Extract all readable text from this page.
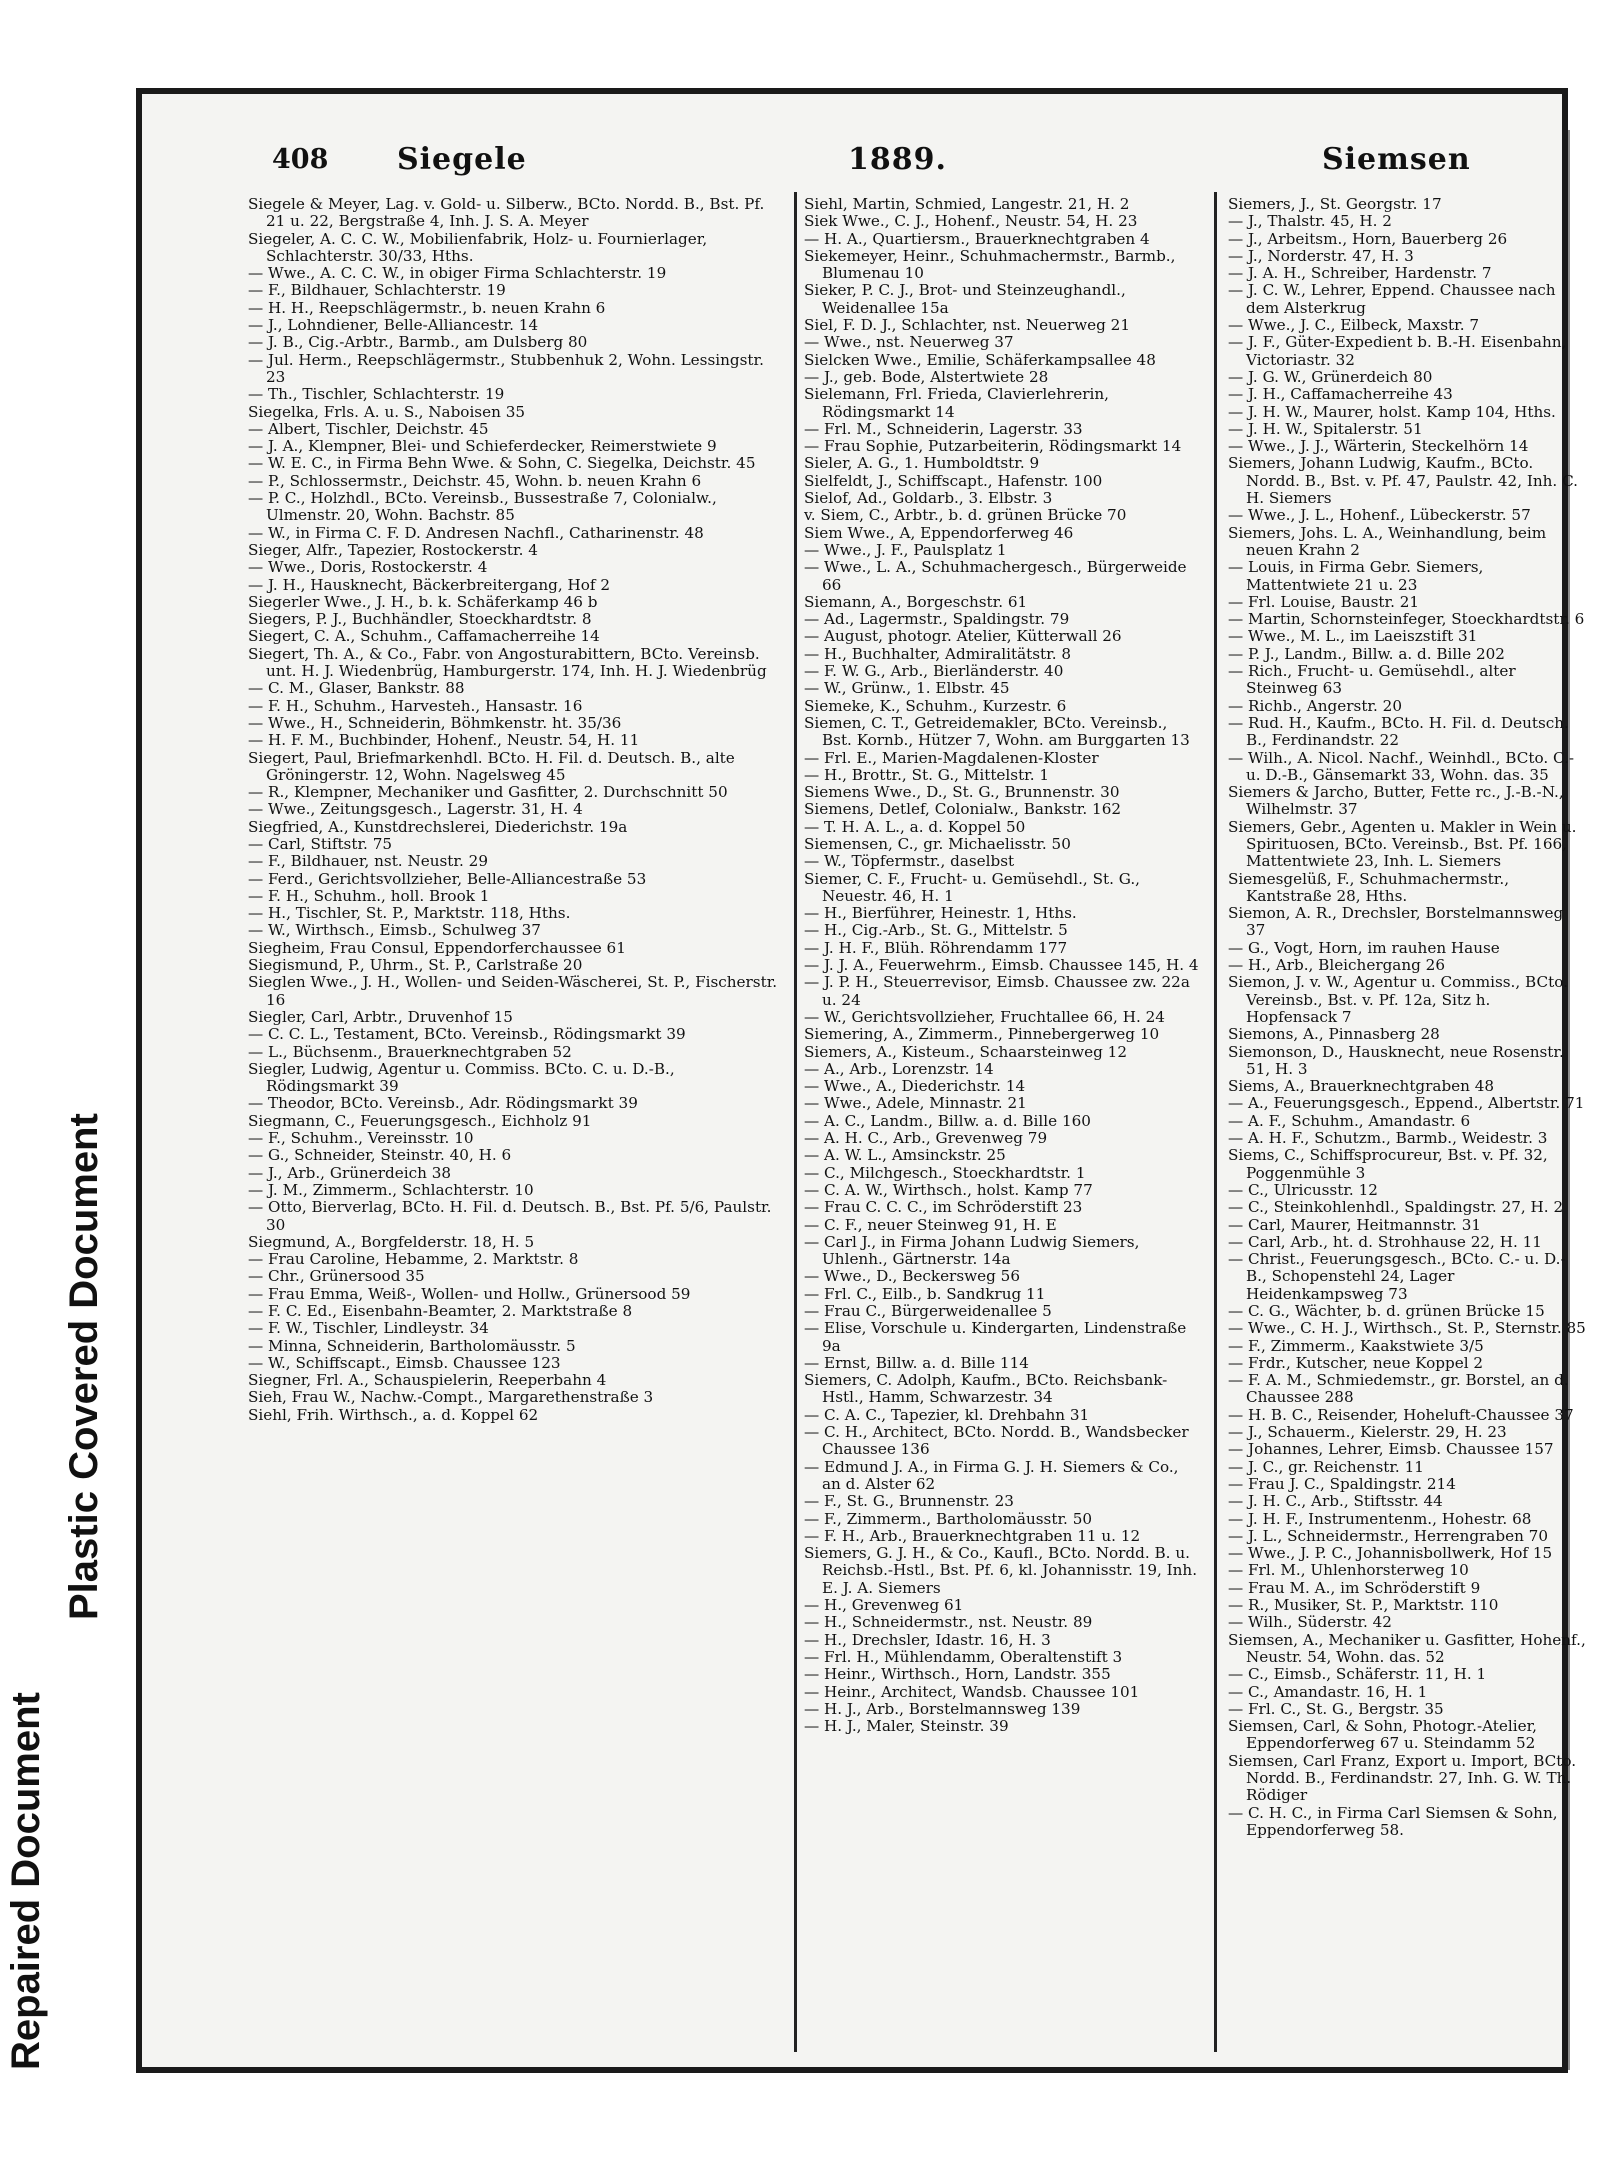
408 Siegele	1889.	Siemsen
Siegele & Meyer, Lag. v. Gold- u. Silberw., BCto. Nordd. B., Bst. Pf. 21 u. 22, Bergstraße 4, Inh. J. S. A. Meyer
Siegeler, A. C. C. W., Mobilienfabrik, Holz- u. Fournierlager, Schlachterstr. 30/33, Hths.
— Wwe., A. C. C. W., in obiger Firma Schlachterstr. 19
— F., Bildhauer, Schlachterstr. 19
— H. H., Reepschlägermstr., b. neuen Krahn 6
— J., Lohndiener, Belle-Alliancestr. 14
— J. B., Cig.-Arbtr., Barmb., am Dulsberg 80
— Jul. Herm., Reepschlägermstr., Stubbenhuk 2, Wohn. Lessingstr. 23
— Th., Tischler, Schlachterstr. 19
Siegelka, Frls. A. u. S., Naboisen 35
— Albert, Tischler, Deichstr. 45
— J. A., Klempner, Blei- und Schieferdecker, Reimerstwiete 9
— W. E. C., in Firma Behn Wwe. & Sohn, C. Siegelka, Deichstr. 45
— P., Schlossermstr., Deichstr. 45, Wohn. b. neuen Krahn 6
— P. C., Holzhdl., BCto. Vereinsb., Bussestraße 7, Colonialw., Ulmenstr. 20, Wohn. Bachstr. 85
— W., in Firma C. F. D. Andresen Nachfl., Catharinenstr. 48
Sieger, Alfr., Tapezier, Rostockerstr. 4
— Wwe., Doris, Rostockerstr. 4
— J. H., Hausknecht, Bäckerbreitergang, Hof 2
Siegerler Wwe., J. H., b. k. Schäferkamp 46 b
Siegers, P. J., Buchhändler, Stoeckhardtstr. 8
Siegert, C. A., Schuhm., Caffamacherreihe 14
Siegert, Th. A., & Co., Fabr. von Angosturabittern, BCto. Vereinsb. unt. H. J. Wiedenbrüg, Hamburgerstr. 174, Inh. H. J. Wiedenbrüg
— C. M., Glaser, Bankstr. 88
— F. H., Schuhm., Harvesteh., Hansastr. 16
— Wwe., H., Schneiderin, Böhmkenstr. ht. 35/36
— H. F. M., Buchbinder, Hohenf., Neustr. 54, H. 11
Siegert, Paul, Briefmarkenhdl. BCto. H. Fil. d. Deutsch. B., alte Gröningerstr. 12, Wohn. Nagelsweg 45
— R., Klempner, Mechaniker und Gasfitter, 2. Durchschnitt 50
— Wwe., Zeitungsgesch., Lagerstr. 31, H. 4
Siegfried, A., Kunstdrechslerei, Diederichstr. 19a
— Carl, Stiftstr. 75
— F., Bildhauer, nst. Neustr. 29
— Ferd., Gerichtsvollzieher, Belle-Alliancestraße 53
— F. H., Schuhm., holl. Brook 1
— H., Tischler, St. P., Marktstr. 118, Hths.
— W., Wirthsch., Eimsb., Schulweg 37
Siegheim, Frau Consul, Eppendorferchaussee 61
Siegismund, P., Uhrm., St. P., Carlstraße 20
Sieglen Wwe., J. H., Wollen- und Seiden-Wäscherei, St. P., Fischerstr. 16
Siegler, Carl, Arbtr., Druvenhof 15
— C. C. L., Testament, BCto. Vereinsb., Rödingsmarkt 39
— L., Büchsenm., Brauerknechtgraben 52
Siegler, Ludwig, Agentur u. Commiss. BCto. C. u. D.-B., Rödingsmarkt 39
— Theodor, BCto. Vereinsb., Adr. Rödingsmarkt 39
Siegmann, C., Feuerungsgesch., Eichholz 91
— F., Schuhm., Vereinsstr. 10
— G., Schneider, Steinstr. 40, H. 6
— J., Arb., Grünerdeich 38
— J. M., Zimmerm., Schlachterstr. 10
— Otto, Bierverlag, BCto. H. Fil. d. Deutsch. B., Bst. Pf. 5/6, Paulstr. 30
Siegmund, A., Borgfelderstr. 18, H. 5
— Frau Caroline, Hebamme, 2. Marktstr. 8
— Chr., Grünersood 35
— Frau Emma, Weiß-, Wollen- und Hollw., Grünersood 59
— F. C. Ed., Eisenbahn-Beamter, 2. Marktstraße 8
— F. W., Tischler, Lindleystr. 34
— Minna, Schneiderin, Bartholomäusstr. 5
— W., Schiffscapt., Eimsb. Chaussee 123
Siegner, Frl. A., Schauspielerin, Reeperbahn 4
Sieh, Frau W., Nachw.-Compt., Margarethenstraße 3
Siehl, Frih. Wirthsch., a. d. Koppel 62
Siehl, Martin, Schmied, Langestr. 21, H. 2
Siek Wwe., C. J., Hohenf., Neustr. 54, H. 23
— H. A., Quartiersm., Brauerknechtgraben 4
Siekemeyer, Heinr., Schuhmachermstr., Barmb., Blumenau 10
Sieker, P. C. J., Brot- und Steinzeughandl., Weidenallee 15a
Siel, F. D. J., Schlachter, nst. Neuerweg 21
— Wwe., nst. Neuerweg 37
Sielcken Wwe., Emilie, Schäferkampsallee 48
— J., geb. Bode, Alstertwiete 28
Sielemann, Frl. Frieda, Clavierlehrerin, Rödingsmarkt 14
— Frl. M., Schneiderin, Lagerstr. 33
— Frau Sophie, Putzarbeiterin, Rödingsmarkt 14
Sieler, A. G., 1. Humboldtstr. 9
Sielfeldt, J., Schiffscapt., Hafenstr. 100
Sielof, Ad., Goldarb., 3. Elbstr. 3
v. Siem, C., Arbtr., b. d. grünen Brücke 70
Siem Wwe., A, Eppendorferweg 46
— Wwe., J. F., Paulsplatz 1
— Wwe., L. A., Schuhmachergesch., Bürgerweide 66
Siemann, A., Borgeschstr. 61
— Ad., Lagermstr., Spaldingstr. 79
— August, photogr. Atelier, Kütterwall 26
— H., Buchhalter, Admiralitätstr. 8
— F. W. G., Arb., Bierländerstr. 40
— W., Grünw., 1. Elbstr. 45
Siemeke, K., Schuhm., Kurzestr. 6
Siemen, C. T., Getreidemakler, BCto. Vereinsb., Bst. Kornb., Hützer 7, Wohn. am Burggarten 13
— Frl. E., Marien-Magdalenen-Kloster
— H., Brottr., St. G., Mittelstr. 1
Siemens Wwe., D., St. G., Brunnenstr. 30
Siemens, Detlef, Colonialw., Bankstr. 162
— T. H. A. L., a. d. Koppel 50
Siemensen, C., gr. Michaelisstr. 50
— W., Töpfermstr., daselbst
Siemer, C. F., Frucht- u. Gemüsehdl., St. G., Neuestr. 46, H. 1
— H., Bierführer, Heinestr. 1, Hths.
— H., Cig.-Arb., St. G., Mittelstr. 5
— J. H. F., Blüh. Röhrendamm 177
— J. J. A., Feuerwehrm., Eimsb. Chaussee 145, H. 4
— J. P. H., Steuerrevisor, Eimsb. Chaussee zw. 22a u. 24
— W., Gerichtsvollzieher, Fruchtallee 66, H. 24
Siemering, A., Zimmerm., Pinnebergerweg 10
Siemers, A., Kisteum., Schaarsteinweg 12
— A., Arb., Lorenzstr. 14
— Wwe., A., Diederichstr. 14
— Wwe., Adele, Minnastr. 21
— A. C., Landm., Billw. a. d. Bille 160
— A. H. C., Arb., Grevenweg 79
— A. W. L., Amsinckstr. 25
— C., Milchgesch., Stoeckhardtstr. 1
— C. A. W., Wirthsch., holst. Kamp 77
— Frau C. C. C., im Schröderstift 23
— C. F., neuer Steinweg 91, H. E
— Carl J., in Firma Johann Ludwig Siemers, Uhlenh., Gärtnerstr. 14a
— Wwe., D., Beckersweg 56
— Frl. C., Eilb., b. Sandkrug 11
— Frau C., Bürgerweidenallee 5
— Elise, Vorschule u. Kindergarten, Lindenstraße 9a
— Ernst, Billw. a. d. Bille 114
Siemers, C. Adolph, Kaufm., BCto. Reichsbank-Hstl., Hamm, Schwarzestr. 34
— C. A. C., Tapezier, kl. Drehbahn 31
— C. H., Architect, BCto. Nordd. B., Wandsbecker Chaussee 136
— Edmund J. A., in Firma G. J. H. Siemers & Co., an d. Alster 62
— F., St. G., Brunnenstr. 23
— F., Zimmerm., Bartholomäusstr. 50
— F. H., Arb., Brauerknechtgraben 11 u. 12
Siemers, G. J. H., & Co., Kaufl., BCto. Nordd. B. u. Reichsb.-Hstl., Bst. Pf. 6, kl. Johannisstr. 19, Inh. E. J. A. Siemers
— H., Grevenweg 61
— H., Schneidermstr., nst. Neustr. 89
— H., Drechsler, Idastr. 16, H. 3
— Frl. H., Mühlendamm, Oberaltenstift 3
— Heinr., Wirthsch., Horn, Landstr. 355
— Heinr., Architect, Wandsb. Chaussee 101
— H. J., Arb., Borstelmannsweg 139
— H. J., Maler, Steinstr. 39
Siemers, J., St. Georgstr. 17
— J., Thalstr. 45, H. 2
— J., Arbeitsm., Horn, Bauerberg 26
— J., Norderstr. 47, H. 3
— J. A. H., Schreiber, Hardenstr. 7
— J. C. W., Lehrer, Eppend. Chaussee nach dem Alsterkrug
— Wwe., J. C., Eilbeck, Maxstr. 7
— J. F., Güter-Expedient b. B.-H. Eisenbahn, Victoriastr. 32
— J. G. W., Grünerdeich 80
— J. H., Caffamacherreihe 43
— J. H. W., Maurer, holst. Kamp 104, Hths.
— J. H. W., Spitalerstr. 51
— Wwe., J. J., Wärterin, Steckelhörn 14
Siemers, Johann Ludwig, Kaufm., BCto. Nordd. B., Bst. v. Pf. 47, Paulstr. 42, Inh. C. H. Siemers
— Wwe., J. L., Hohenf., Lübeckerstr. 57
Siemers, Johs. L. A., Weinhandlung, beim neuen Krahn 2
— Louis, in Firma Gebr. Siemers, Mattentwiete 21 u. 23
— Frl. Louise, Baustr. 21
— Martin, Schornsteinfeger, Stoeckhardtstr. 6
— Wwe., M. L., im Laeiszstift 31
— P. J., Landm., Billw. a. d. Bille 202
— Rich., Frucht- u. Gemüsehdl., alter Steinweg 63
— Richb., Angerstr. 20
— Rud. H., Kaufm., BCto. H. Fil. d. Deutsch. B., Ferdinandstr. 22
— Wilh., A. Nicol. Nachf., Weinhdl., BCto. C.- u. D.-B., Gänsemarkt 33, Wohn. das. 35
Siemers & Jarcho, Butter, Fette rc., J.-B.-N., Wilhelmstr. 37
Siemers, Gebr., Agenten u. Makler in Wein u. Spirituosen, BCto. Vereinsb., Bst. Pf. 166, Mattentwiete 23, Inh. L. Siemers
Siemesgelüß, F., Schuhmachermstr., Kantstraße 28, Hths.
Siemon, A. R., Drechsler, Borstelmannsweg 37
— G., Vogt, Horn, im rauhen Hause
— H., Arb., Bleichergang 26
Siemon, J. v. W., Agentur u. Commiss., BCto. Vereinsb., Bst. v. Pf. 12a, Sitz h. Hopfensack 7
Siemons, A., Pinnasberg 28
Siemonson, D., Hausknecht, neue Rosenstr. 51, H. 3
Siems, A., Brauerknechtgraben 48
— A., Feuerungsgesch., Eppend., Albertstr. 71
— A. F., Schuhm., Amandastr. 6
— A. H. F., Schutzm., Barmb., Weidestr. 3
Siems, C., Schiffsprocureur, Bst. v. Pf. 32, Poggenmühle 3
— C., Ulricusstr. 12
— C., Steinkohlenhdl., Spaldingstr. 27, H. 2
— Carl, Maurer, Heitmannstr. 31
— Carl, Arb., ht. d. Strohhause 22, H. 11
— Christ., Feuerungsgesch., BCto. C.- u. D.-B., Schopenstehl 24, Lager Heidenkampsweg 73
— C. G., Wächter, b. d. grünen Brücke 15
— Wwe., C. H. J., Wirthsch., St. P., Sternstr. 85
— F., Zimmerm., Kaakstwiete 3/5
— Frdr., Kutscher, neue Koppel 2
— F. A. M., Schmiedemstr., gr. Borstel, an d. Chaussee 288
— H. B. C., Reisender, Hoheluft-Chaussee 37
— J., Schauerm., Kielerstr. 29, H. 23
— Johannes, Lehrer, Eimsb. Chaussee 157
— J. C., gr. Reichenstr. 11
— Frau J. C., Spaldingstr. 214
— J. H. C., Arb., Stiftsstr. 44
— J. H. F., Instrumentenm., Hohestr. 68
— J. L., Schneidermstr., Herrengraben 70
— Wwe., J. P. C., Johannisbollwerk, Hof 15
— Frl. M., Uhlenhorsterweg 10
— Frau M. A., im Schröderstift 9
— R., Musiker, St. P., Marktstr. 110
— Wilh., Süderstr. 42
Siemsen, A., Mechaniker u. Gasfitter, Hohenf., Neustr. 54, Wohn. das. 52
— C., Eimsb., Schäferstr. 11, H. 1
— C., Amandastr. 16, H. 1
— Frl. C., St. G., Bergstr. 35
Siemsen, Carl, & Sohn, Photogr.-Atelier, Eppendorferweg 67 u. Steindamm 52
Siemsen, Carl Franz, Export u. Import, BCto. Nordd. B., Ferdinandstr. 27, Inh. G. W. Th. Rödiger
— C. H. C., in Firma Carl Siemsen & Sohn, Eppendorferweg 58.
Repaired Document
Plastic Covered Document
